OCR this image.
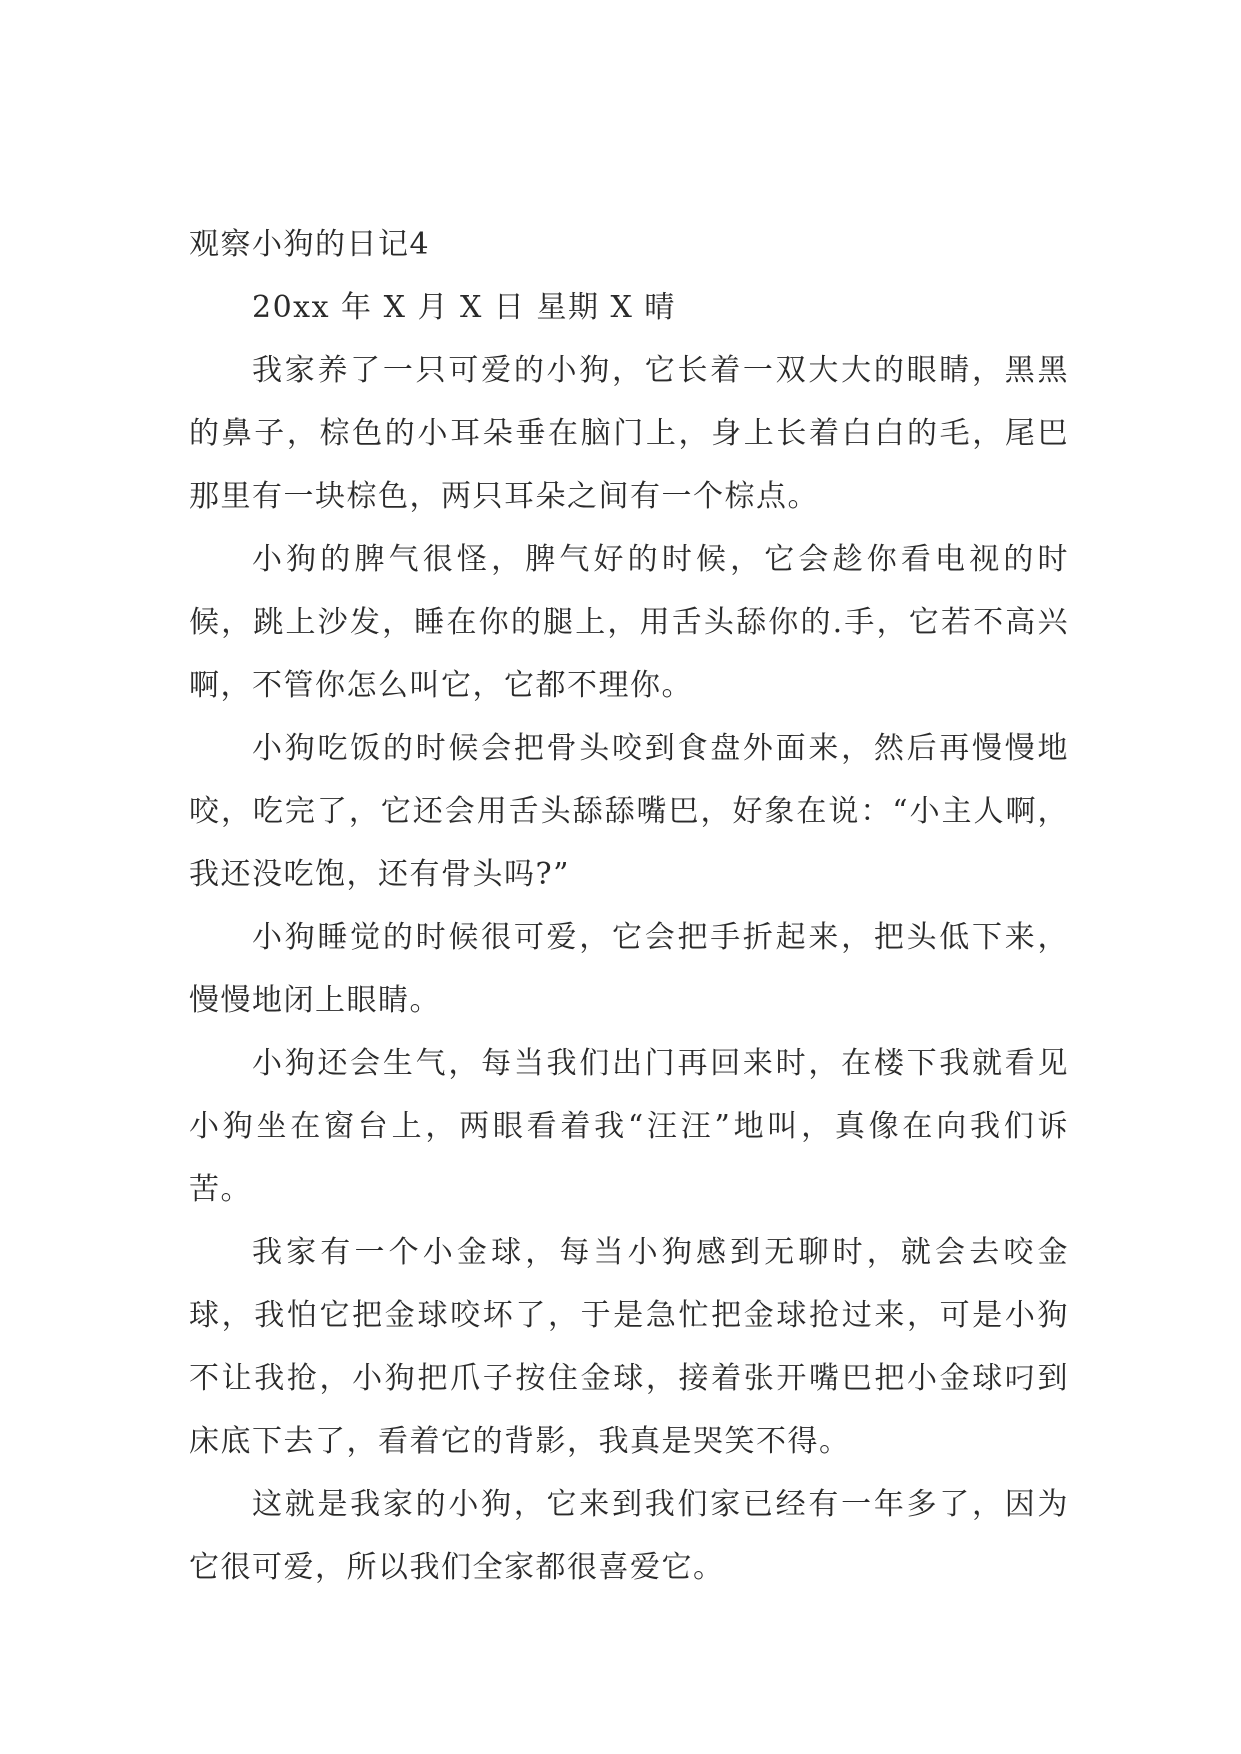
观察小狗的日记4

20xx 年 X 月 X 日 星期 X 晴

我家养了一只可爱的小狗，它长着一双大大的眼睛，黑黑的鼻子，棕色的小耳朵垂在脑门上，身上长着白白的毛，尾巴那里有一块棕色，两只耳朵之间有一个棕点。

小狗的脾气很怪，脾气好的时候，它会趁你看电视的时候，跳上沙发，睡在你的腿上，用舌头舔你的.手，它若不高兴啊，不管你怎么叫它，它都不理你。

小狗吃饭的时候会把骨头咬到食盘外面来，然后再慢慢地咬，吃完了，它还会用舌头舔舔嘴巴，好象在说：“小主人啊，我还没吃饱，还有骨头吗?”

小狗睡觉的时候很可爱，它会把手折起来，把头低下来，慢慢地闭上眼睛。

小狗还会生气，每当我们出门再回来时，在楼下我就看见小狗坐在窗台上，两眼看着我“汪汪”地叫，真像在向我们诉苦。

我家有一个小金球，每当小狗感到无聊时，就会去咬金球，我怕它把金球咬坏了，于是急忙把金球抢过来，可是小狗不让我抢，小狗把爪子按住金球，接着张开嘴巴把小金球叼到床底下去了，看着它的背影，我真是哭笑不得。

这就是我家的小狗，它来到我们家已经有一年多了，因为它很可爱，所以我们全家都很喜爱它。
